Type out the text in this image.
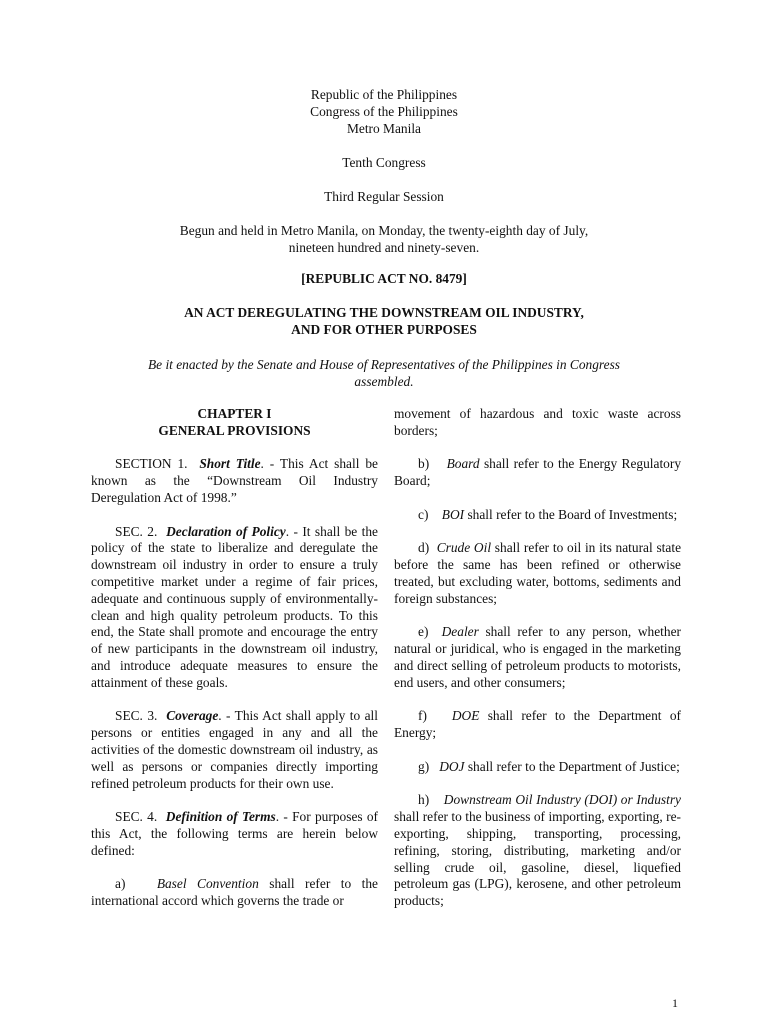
Republic of the Philippines

Congress of the Philippines

Metro Manila

Tenth Congress

Third Regular Session

Begun and held in Metro Manila, on Monday, the twenty-eighth day of July,

nineteen hundred and ninety-seven.

[REPUBLIC ACT NO. 8479]

AN ACT DEREGULATING THE DOWNSTREAM OIL INDUSTRY,

AND FOR OTHER PURPOSES

Be it enacted by the Senate and House of Representatives of the Philippines in Congress assembled.
CHAPTER I
GENERAL PROVISIONS

SECTION 1. Short Title. - This Act shall be known as the “Downstream Oil Industry Deregulation Act of 1998.”

SEC. 2. Declaration of Policy. - It shall be the policy of the state to liberalize and deregulate the downstream oil industry in order to ensure a truly competitive market under a regime of fair prices, adequate and continuous supply of environmentally-clean and high quality petroleum products. To this end, the State shall promote and encourage the entry of new participants in the downstream oil industry, and introduce adequate measures to ensure the attainment of these goals.

SEC. 3. Coverage. - This Act shall apply to all persons or entities engaged in any and all the activities of the domestic downstream oil industry, as well as persons or companies directly importing refined petroleum products for their own use.

SEC. 4. Definition of Terms. - For purposes of this Act, the following terms are herein below defined:

a) Basel Convention shall refer to the international accord which governs the trade or

movement of hazardous and toxic waste across borders;

b) Board shall refer to the Energy Regulatory Board;

c) BOI shall refer to the Board of Investments;

d) Crude Oil shall refer to oil in its natural state before the same has been refined or otherwise treated, but excluding water, bottoms, sediments and foreign substances;

e) Dealer shall refer to any person, whether natural or juridical, who is engaged in the marketing and direct selling of petroleum products to motorists, end users, and other consumers;

f) DOE shall refer to the Department of Energy;

g) DOJ shall refer to the Department of Justice;

h) Downstream Oil Industry (DOI) or Industry shall refer to the business of importing, exporting, re-exporting, shipping, transporting, processing, refining, storing, distributing, marketing and/or selling crude oil, gasoline, diesel, liquefied petroleum gas (LPG), kerosene, and other petroleum products;

1
